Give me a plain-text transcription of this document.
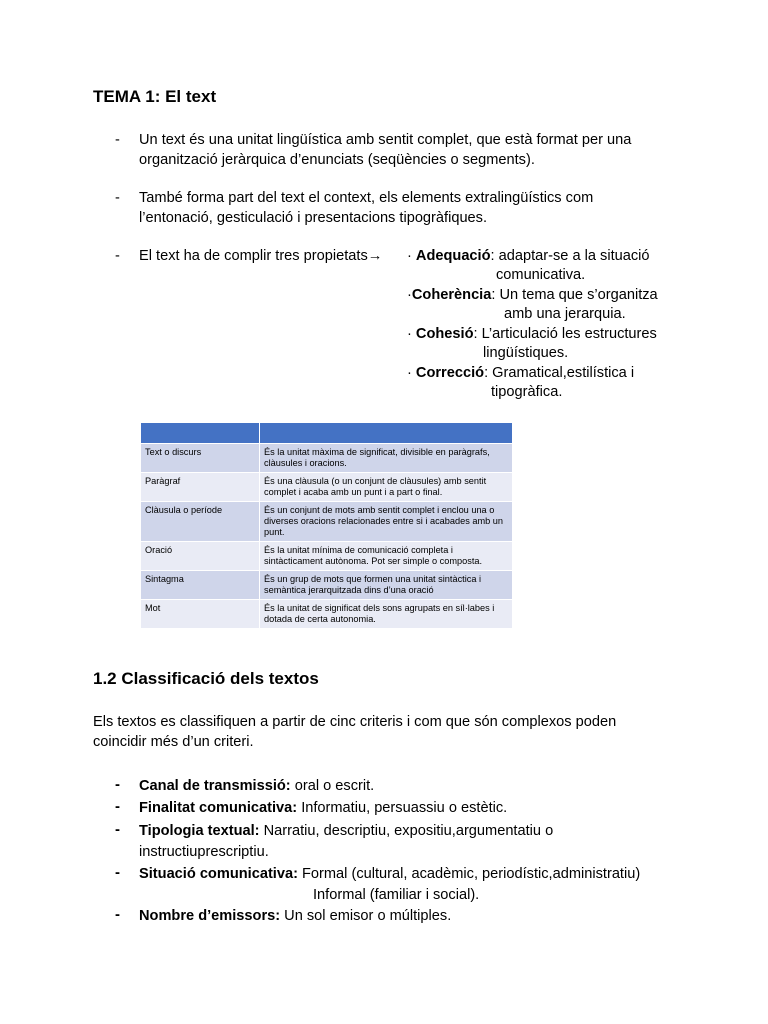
TEMA 1: El text
- Un text és una unitat lingüística amb sentit complet, que està format per una
organització jeràrquica d’enunciats (seqüències o segments).
- També forma part del text el context, els elements extralingüístics com
l’entonació, gesticulació i presentacions tipogràfiques.
- El text ha de complir tres propietats→ · Adequació: adaptar-se a la situació
comunicativa.
·Coherència: Un tema que s’organitza
amb una jerarquia.
· Cohesió: L’articulació les estructures
lingüístiques.
· Correcció: Gramatical,estilística i
tipogràfica.

Text o discurs	És la unitat màxima de significat, divisible en paràgrafs, clàusules i oracions.
Paràgraf	És una clàusula (o un conjunt de clàusules) amb sentit complet i acaba amb un punt i a part o final.
Clàusula o període	És un conjunt de mots amb sentit complet i enclou una o diverses oracions relacionades entre si i acabades amb un punt.
Oració	És la unitat mínima de comunicació completa i sintàcticament autònoma. Pot ser simple o composta.
Sintagma	És un grup de mots que formen una unitat sintàctica i semàntica jerarquitzada dins d’una oració
Mot	És la unitat de significat dels sons agrupats en síl·labes i dotada de certa autonomia.
1.2 Classificació dels textos
Els textos es classifiquen a partir de cinc criteris i com que són complexos poden
coincidir més d’un criteri.
- Canal de transmissió: oral o escrit.
- Finalitat comunicativa: Informatiu, persuassiu o estètic.
- Tipologia textual: Narratiu, descriptiu, expositiu,argumentatiu o
instructiuprescriptiu.
- Situació comunicativa: Formal (cultural, acadèmic, periodístic,administratiu)
Informal (familiar i social).
- Nombre d’emissors: Un sol emisor o múltiples.
